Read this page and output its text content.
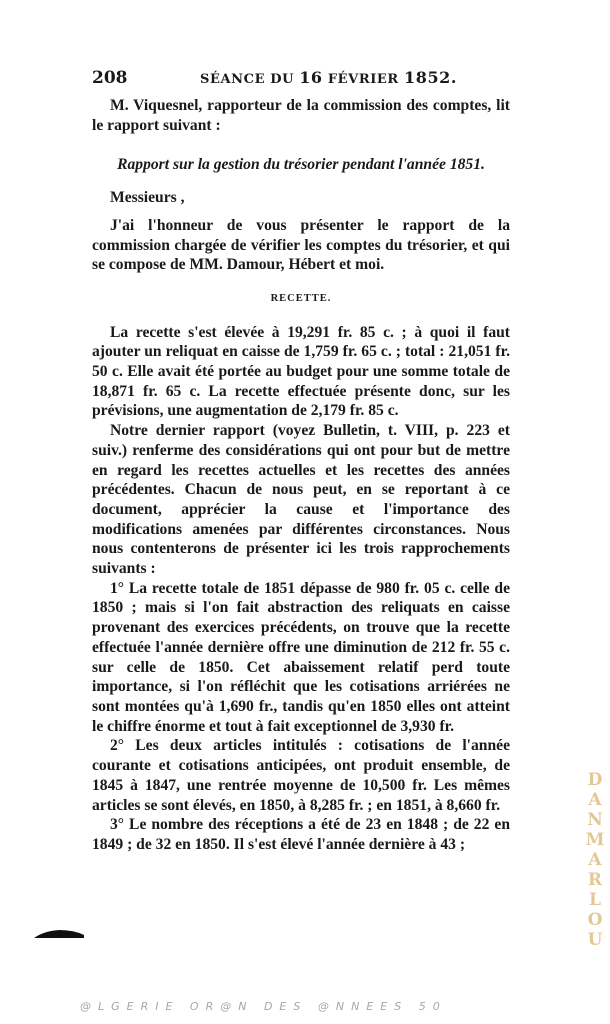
208	SÉANCE DU 16 FÉVRIER 1852.

M. Viquesnel, rapporteur de la commission des comptes, lit le rapport suivant :

Rapport sur la gestion du trésorier pendant l'année 1851.

Messieurs ,

J'ai l'honneur de vous présenter le rapport de la commission chargée de vérifier les comptes du trésorier, et qui se compose de MM. Damour, Hébert et moi.

RECETTE.

La recette s'est élevée à 19,291 fr. 85 c. ; à quoi il faut ajouter un reliquat en caisse de 1,759 fr. 65 c. ; total : 21,051 fr. 50 c. Elle avait été portée au budget pour une somme totale de 18,871 fr. 65 c. La recette effectuée présente donc, sur les prévisions, une augmentation de 2,179 fr. 85 c.

Notre dernier rapport (voyez Bulletin, t. VIII, p. 223 et suiv.) renferme des considérations qui ont pour but de mettre en regard les recettes actuelles et les recettes des années précédentes. Chacun de nous peut, en se reportant à ce document, apprécier la cause et l'importance des modifications amenées par différentes circonstances. Nous nous contenterons de présenter ici les trois rapprochements suivants :

1° La recette totale de 1851 dépasse de 980 fr. 05 c. celle de 1850 ; mais si l'on fait abstraction des reliquats en caisse provenant des exercices précédents, on trouve que la recette effectuée l'année dernière offre une diminution de 212 fr. 55 c. sur celle de 1850. Cet abaissement relatif perd toute importance, si l'on réfléchit que les cotisations arriérées ne sont montées qu'à 1,690 fr., tandis qu'en 1850 elles ont atteint le chiffre énorme et tout à fait exceptionnel de 3,930 fr.

2° Les deux articles intitulés : cotisations de l'année courante et cotisations anticipées, ont produit ensemble, de 1845 à 1847, une rentrée moyenne de 10,500 fr. Les mêmes articles se sont élevés, en 1850, à 8,285 fr. ; en 1851, à 8,660 fr.

3° Le nombre des réceptions a été de 23 en 1848 ; de 22 en 1849 ; de 32 en 1850. Il s'est élevé l'année dernière à 43 ;

D
A
N
M
A
R
L
O
U
@LGERIE OR@N DES @NNEES 50
